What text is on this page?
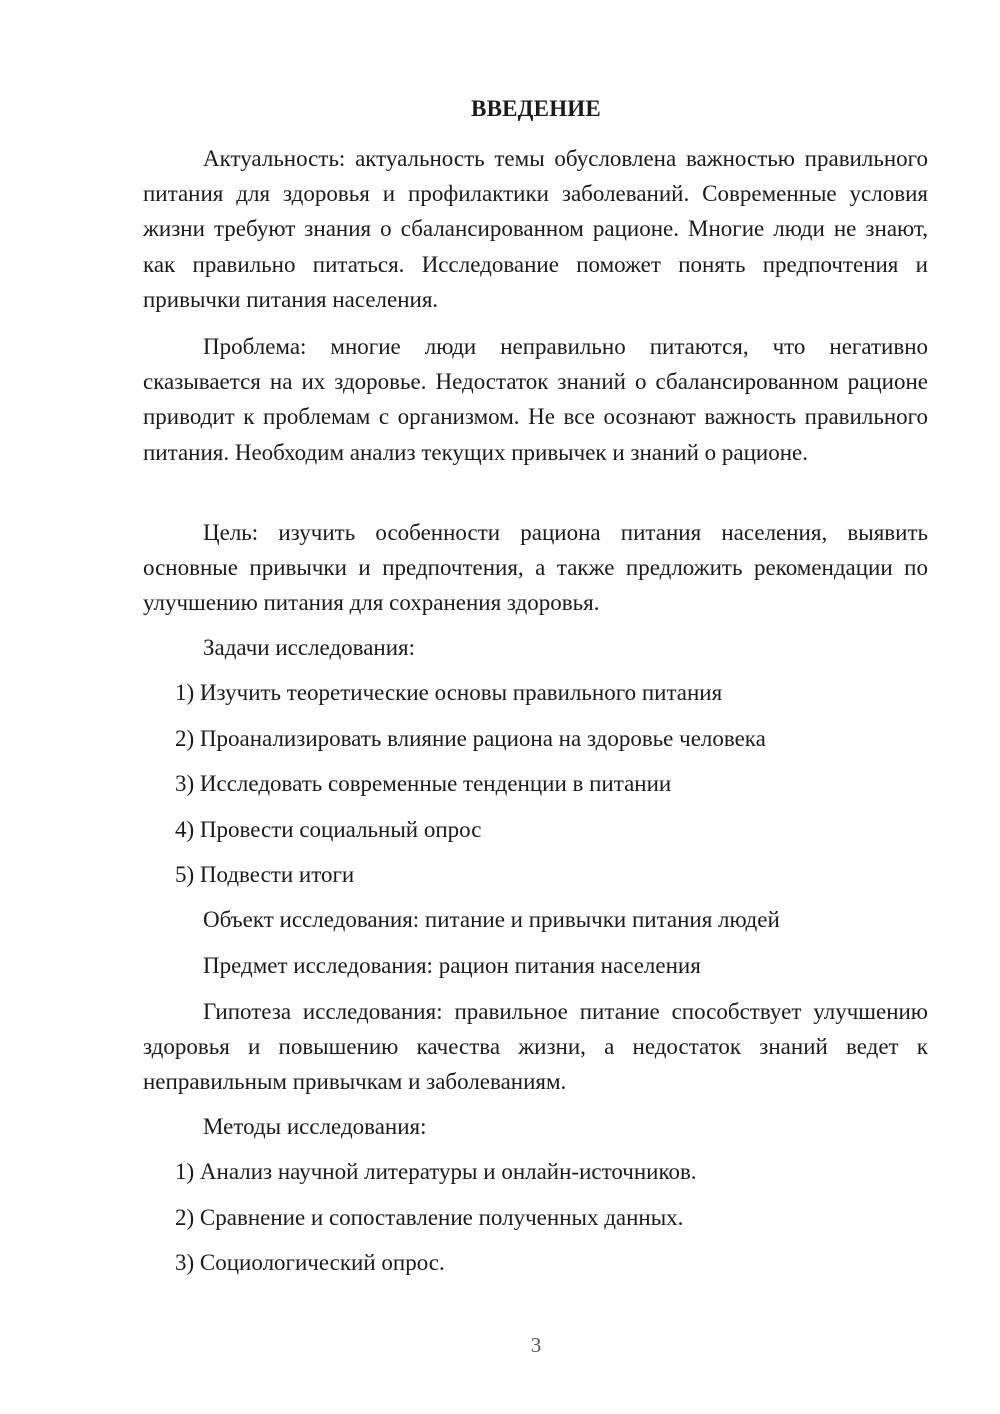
ВВЕДЕНИЕ
Актуальность: актуальность темы обусловлена важностью правильного питания для здоровья и профилактики заболеваний. Современные условия жизни требуют знания о сбалансированном рационе. Многие люди не знают, как правильно питаться. Исследование поможет понять предпочтения и привычки питания населения.
Проблема: многие люди неправильно питаются, что негативно сказывается на их здоровье. Недостаток знаний о сбалансированном рационе приводит к проблемам с организмом. Не все осознают важность правильного питания. Необходим анализ текущих привычек и знаний о рационе.
Цель: изучить особенности рациона питания населения, выявить основные привычки и предпочтения, а также предложить рекомендации по улучшению питания для сохранения здоровья.
Задачи исследования:
1) Изучить теоретические основы правильного питания
2) Проанализировать влияние рациона на здоровье человека
3) Исследовать современные тенденции в питании
4) Провести социальный опрос
5) Подвести итоги
Объект исследования: питание и привычки питания людей
Предмет исследования: рацион питания населения
Гипотеза исследования: правильное питание способствует улучшению здоровья и повышению качества жизни, а недостаток знаний ведет к неправильным привычкам и заболеваниям.
Методы исследования:
1) Анализ научной литературы и онлайн-источников.
2) Сравнение и сопоставление полученных данных.
3) Социологический опрос.
3
